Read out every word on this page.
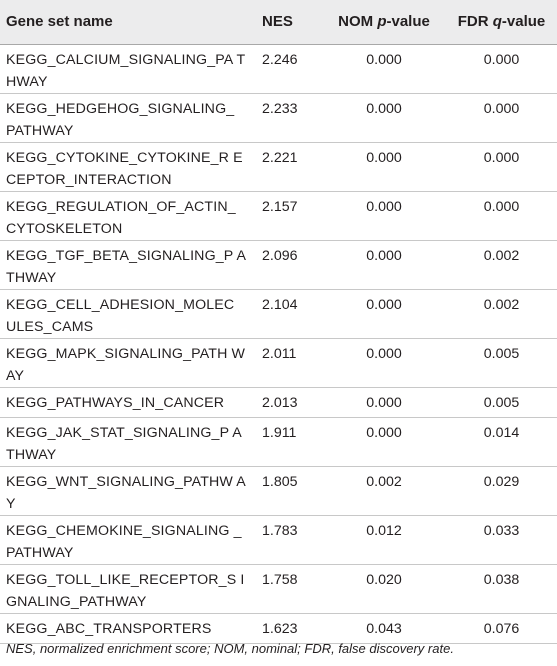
Gene set name	NES	NOM p-value	FDR q-value
KEGG_CALCIUM_SIGNALING_PA THWAY	2.246	0.000	0.000
KEGG_HEDGEHOG_SIGNALING_ PATHWAY	2.233	0.000	0.000
KEGG_CYTOKINE_CYTOKINE_R ECEPTOR_INTERACTION	2.221	0.000	0.000
KEGG_REGULATION_OF_ACTIN_ CYTOSKELETON	2.157	0.000	0.000
KEGG_TGF_BETA_SIGNALING_P ATHWAY	2.096	0.000	0.002
KEGG_CELL_ADHESION_MOLEC ULES_CAMS	2.104	0.000	0.002
KEGG_MAPK_SIGNALING_PATH WAY	2.011	0.000	0.005
KEGG_PATHWAYS_IN_CANCER	2.013	0.000	0.005
KEGG_JAK_STAT_SIGNALING_P ATHWAY	1.911	0.000	0.014
KEGG_WNT_SIGNALING_PATHW AY	1.805	0.002	0.029
KEGG_CHEMOKINE_SIGNALING _PATHWAY	1.783	0.012	0.033
KEGG_TOLL_LIKE_RECEPTOR_S IGNALING_PATHWAY	1.758	0.020	0.038
KEGG_ABC_TRANSPORTERS	1.623	0.043	0.076
NES, normalized enrichment score; NOM, nominal; FDR, false discovery rate.
